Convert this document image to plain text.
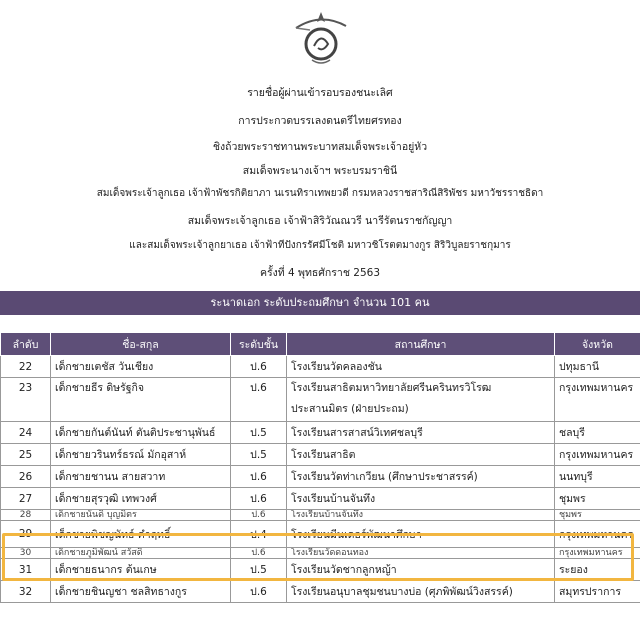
รายชื่อผู้ผ่านเข้ารอบรองชนะเลิศ
การประกวดบรรเลงดนตรีไทยศรทอง
ชิงถ้วยพระราชทานพระบาทสมเด็จพระเจ้าอยู่หัว
สมเด็จพระนางเจ้าฯ พระบรมราชินี
สมเด็จพระเจ้าลูกเธอ เจ้าฟ้าพัชรกิติยาภา นเรนทิราเทพยวดี กรมหลวงราชสาริณีสิริพัชร มหาวัชรราชธิดา
สมเด็จพระเจ้าลูกเธอ เจ้าฟ้าสิริวัณณวรี นารีรัตนราชกัญญา
และสมเด็จพระเจ้าลูกยาเธอ เจ้าฟ้าทีปังกรรัศมีโชติ มหาวชิโรตตมางกูร สิริวิบูลยราชกุมาร
ครั้งที่ 4 พุทธศักราช 2563
ระนาดเอก ระดับประถมศึกษา จำนวน 101 คน
ลำดับ	ชื่อ-สกุล	ระดับชั้น	สถานศึกษา	จังหวัด
22	เด็กชายเตชัส วันเชียง	ป.6	โรงเรียนวัดคลองชัน	ปทุมธานี
23	เด็กชายธีร ดิษรัฐกิจ	ป.6	โรงเรียนสาธิตมหาวิทยาลัยศรีนครินทรวิโรฒ ประสานมิตร (ฝ่ายประถม)	กรุงเทพมหานคร
24	เด็กชายกันต์นันท์ ตันติประชานุพันธ์	ป.5	โรงเรียนสารสาสน์วิเทศชลบุรี	ชลบุรี
25	เด็กชายวรินทร์ธรณ์ มักอุสาห์	ป.5	โรงเรียนสาธิต	กรุงเทพมหานคร
26	เด็กชายชานน สายสวาท	ป.6	โรงเรียนวัดท่าเกวียน (ศึกษาประชาสรรค์)	นนทบุรี
27	เด็กชายสุรวุฒิ เทพวงศ์	ป.6	โรงเรียนบ้านจันทึง	ชุมพร
28	เด็กชายนันดิ บุญมิตร	ป.6	โรงเรียนบ้านจันทึง	ชุมพร
29	เด็กชายพิชญนัทธ์ คำฤทธิ์	ป.4	โรงเรียนมีนเดอร์พัฒนาศึกษา	กรุงเทพมหานคร
30	เด็กชายภูมิพัฒน์ สวัสดิ์	ป.6	โรงเรียนวัดดอนทอง	กรุงเทพมหานคร
31	เด็กชายธนากร ต้นเกษ	ป.5	โรงเรียนวัดชากลูกหญ้า	ระยอง
32	เด็กชายชินญชา ชลสิทธางกูร	ป.6	โรงเรียนอนุบาลชุมชนบางบ่อ (ศุภพิพัฒน์วิงสรรค์)	สมุทรปราการ
